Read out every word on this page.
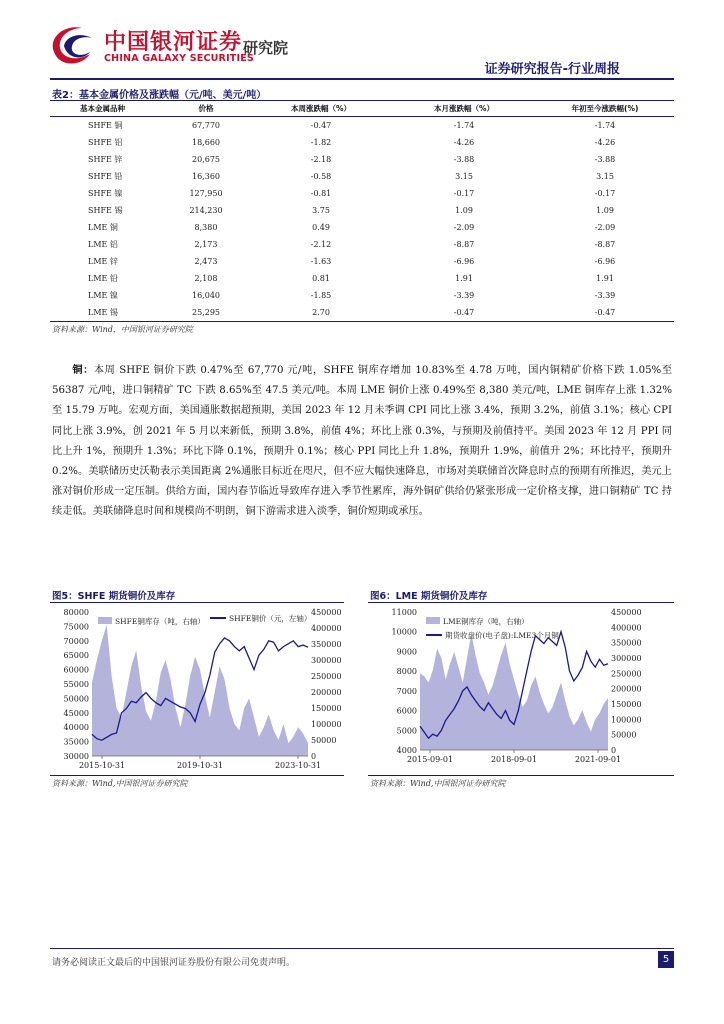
中国银河证券
CHINA GALAXY SECURITIES
研究院
证券研究报告-行业周报
表2：基本金属价格及涨跌幅（元/吨、美元/吨）
基本金属品种	价格	本周涨跌幅（%）	本月涨跌幅（%）	年初至今涨跌幅(%)
SHFE 铜	67,770	-0.47	-1.74	-1.74
SHFE 铝	18,660	-1.82	-4.26	-4.26
SHFE 锌	20,675	-2.18	-3.88	-3.88
SHFE 铅	16,360	-0.58	3.15	3.15
SHFE 镍	127,950	-0.81	-0.17	-0.17
SHFE 锡	214,230	3.75	1.09	1.09
LME 铜	8,380	0.49	-2.09	-2.09
LME 铝	2,173	-2.12	-8.87	-8.87
LME 锌	2,473	-1.63	-6.96	-6.96
LME 铅	2,108	0.81	1.91	1.91
LME 镍	16,040	-1.85	-3.39	-3.39
LME 锡	25,295	2.70	-0.47	-0.47
资料来源：Wind，中国银河证券研究院
铜：本周 SHFE 铜价下跌 0.47%至 67,770 元/吨，SHFE 铜库存增加 10.83%至 4.78 万吨，国内铜精矿价格下跌 1.05%至 56387 元/吨，进口铜精矿 TC 下跌 8.65%至 47.5 美元/吨。本周 LME 铜价上涨 0.49%至 8,380 美元/吨，LME 铜库存上涨 1.32%至 15.79 万吨。宏观方面，美国通胀数据超预期，美国 2023 年 12 月未季调 CPI 同比上涨 3.4%，预期 3.2%，前值 3.1%；核心 CPI 同比上涨 3.9%，创 2021 年 5 月以来新低，预期 3.8%，前值 4%；环比上涨 0.3%，与预期及前值持平。美国 2023 年 12 月 PPI 同比上升 1%，预期升 1.3%；环比下降 0.1%，预期升 0.1%；核心 PPI 同比上升 1.8%，预期升 1.9%，前值升 2%；环比持平，预期升 0.2%。美联储历史沃勒表示美国距离 2%通胀目标近在咫尺，但不应大幅快速降息，市场对美联储首次降息时点的预期有所推迟，美元上涨对铜价形成一定压制。供给方面，国内春节临近导致库存进入季节性累库，海外铜矿供给仍紧张形成一定价格支撑，进口铜精矿 TC 持续走低。美联储降息时间和规模尚不明朗，铜下游需求进入淡季，铜价短期或承压。
图5：SHFE 期货铜价及库存
30000
35000
40000
45000
50000
55000
60000
65000
70000
75000
80000
0
50000
100000
150000
200000
250000
300000
350000
400000
450000
2015-10-31	2019-10-31	2023-10-31
SHFE铜库存（吨，右轴）	SHFE铜价（元，左轴）
资料来源：Wind,中国银河证券研究院
图6：LME 期货铜价及库存
4000
5000
6000
7000
8000
9000
10000
11000
0
50000
100000
150000
200000
250000
300000
350000
400000
450000
2015-09-01	2018-09-01	2021-09-01
LME铜库存（吨，右轴）
期货收盘价(电子盘):LME3个月铜
资料来源：Wind,中国银河证券研究院
请务必阅读正文最后的中国银河证券股份有限公司免责声明。	5
